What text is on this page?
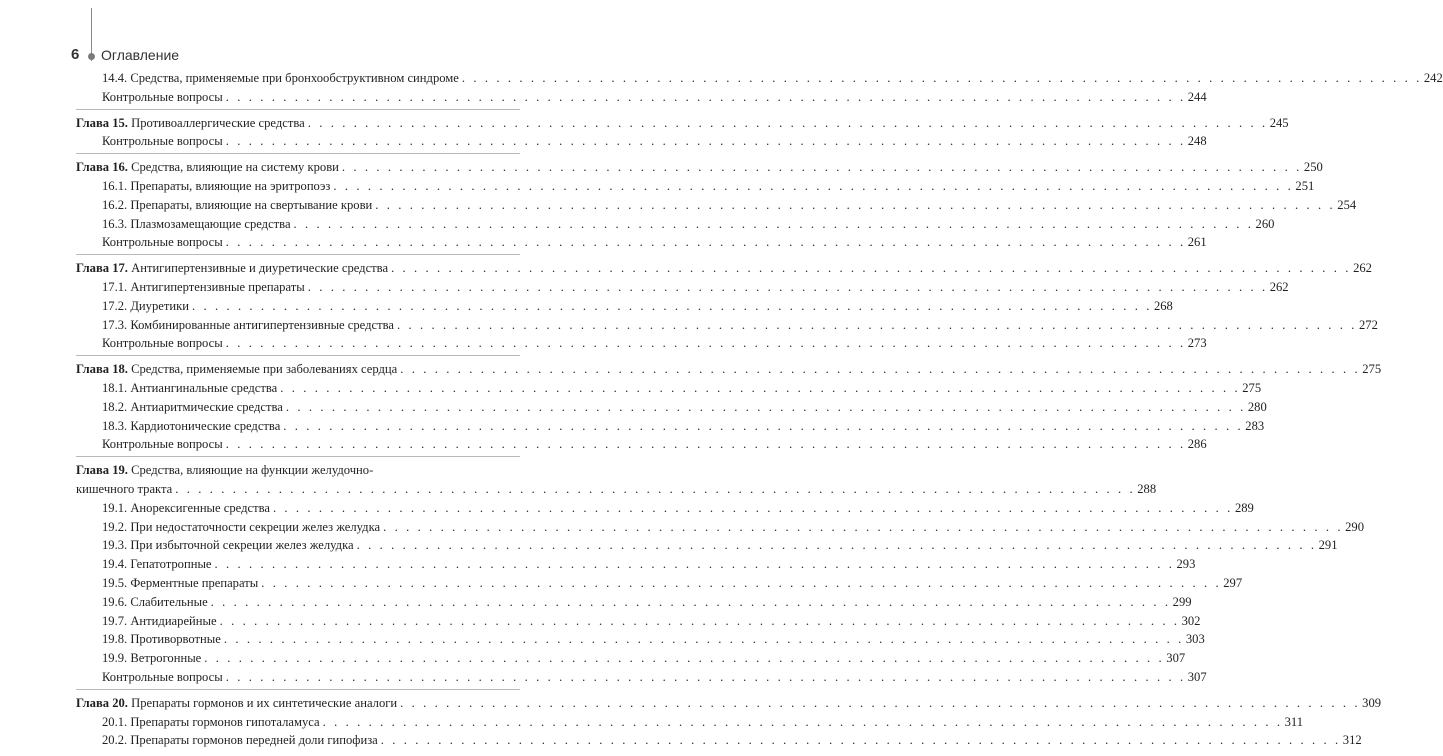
6 Оглавление
14.4. Средства, применяемые при бронхообструктивном синдроме . . .	242
Контрольные вопросы . . .	244
Глава 15. Противоаллергические средства . . .	245
Контрольные вопросы . . .	248
Глава 16. Средства, влияющие на систему крови . . .	250
16.1. Препараты, влияющие на эритропоэз . . .	251
16.2. Препараты, влияющие на свертывание крови . . .	254
16.3. Плазмозамещающие средства . . .	260
Контрольные вопросы . . .	261
Глава 17. Антигипертензивные и диуретические средства . . .	262
17.1. Антигипертензивные препараты . . .	262
17.2. Диуретики . . .	268
17.3. Комбинированные антигипертензивные средства . . .	272
Контрольные вопросы . . .	273
Глава 18. Средства, применяемые при заболеваниях сердца . . .	275
18.1. Антиангинальные средства . . .	275
18.2. Антиаритмические средства . . .	280
18.3. Кардиотонические средства . . .	283
Контрольные вопросы . . .	286
Глава 19. Средства, влияющие на функции желудочно-
кишечного тракта . . .	288
19.1. Анорексигенные средства . . .	289
19.2. При недостаточности секреции желез желудка . . .	290
19.3. При избыточной секреции желез желудка . . .	291
19.4. Гепатотропные . . .	293
19.5. Ферментные препараты . . .	297
19.6. Слабительные . . .	299
19.7. Антидиарейные . . .	302
19.8. Противорвотные . . .	303
19.9. Ветрогонные . . .	307
Контрольные вопросы . . .	307
Глава 20. Препараты гормонов и их синтетические аналоги . . .	309
20.1. Препараты гормонов гипоталамуса . . .	311
20.2. Препараты гормонов передней доли гипофиза . . .	312
